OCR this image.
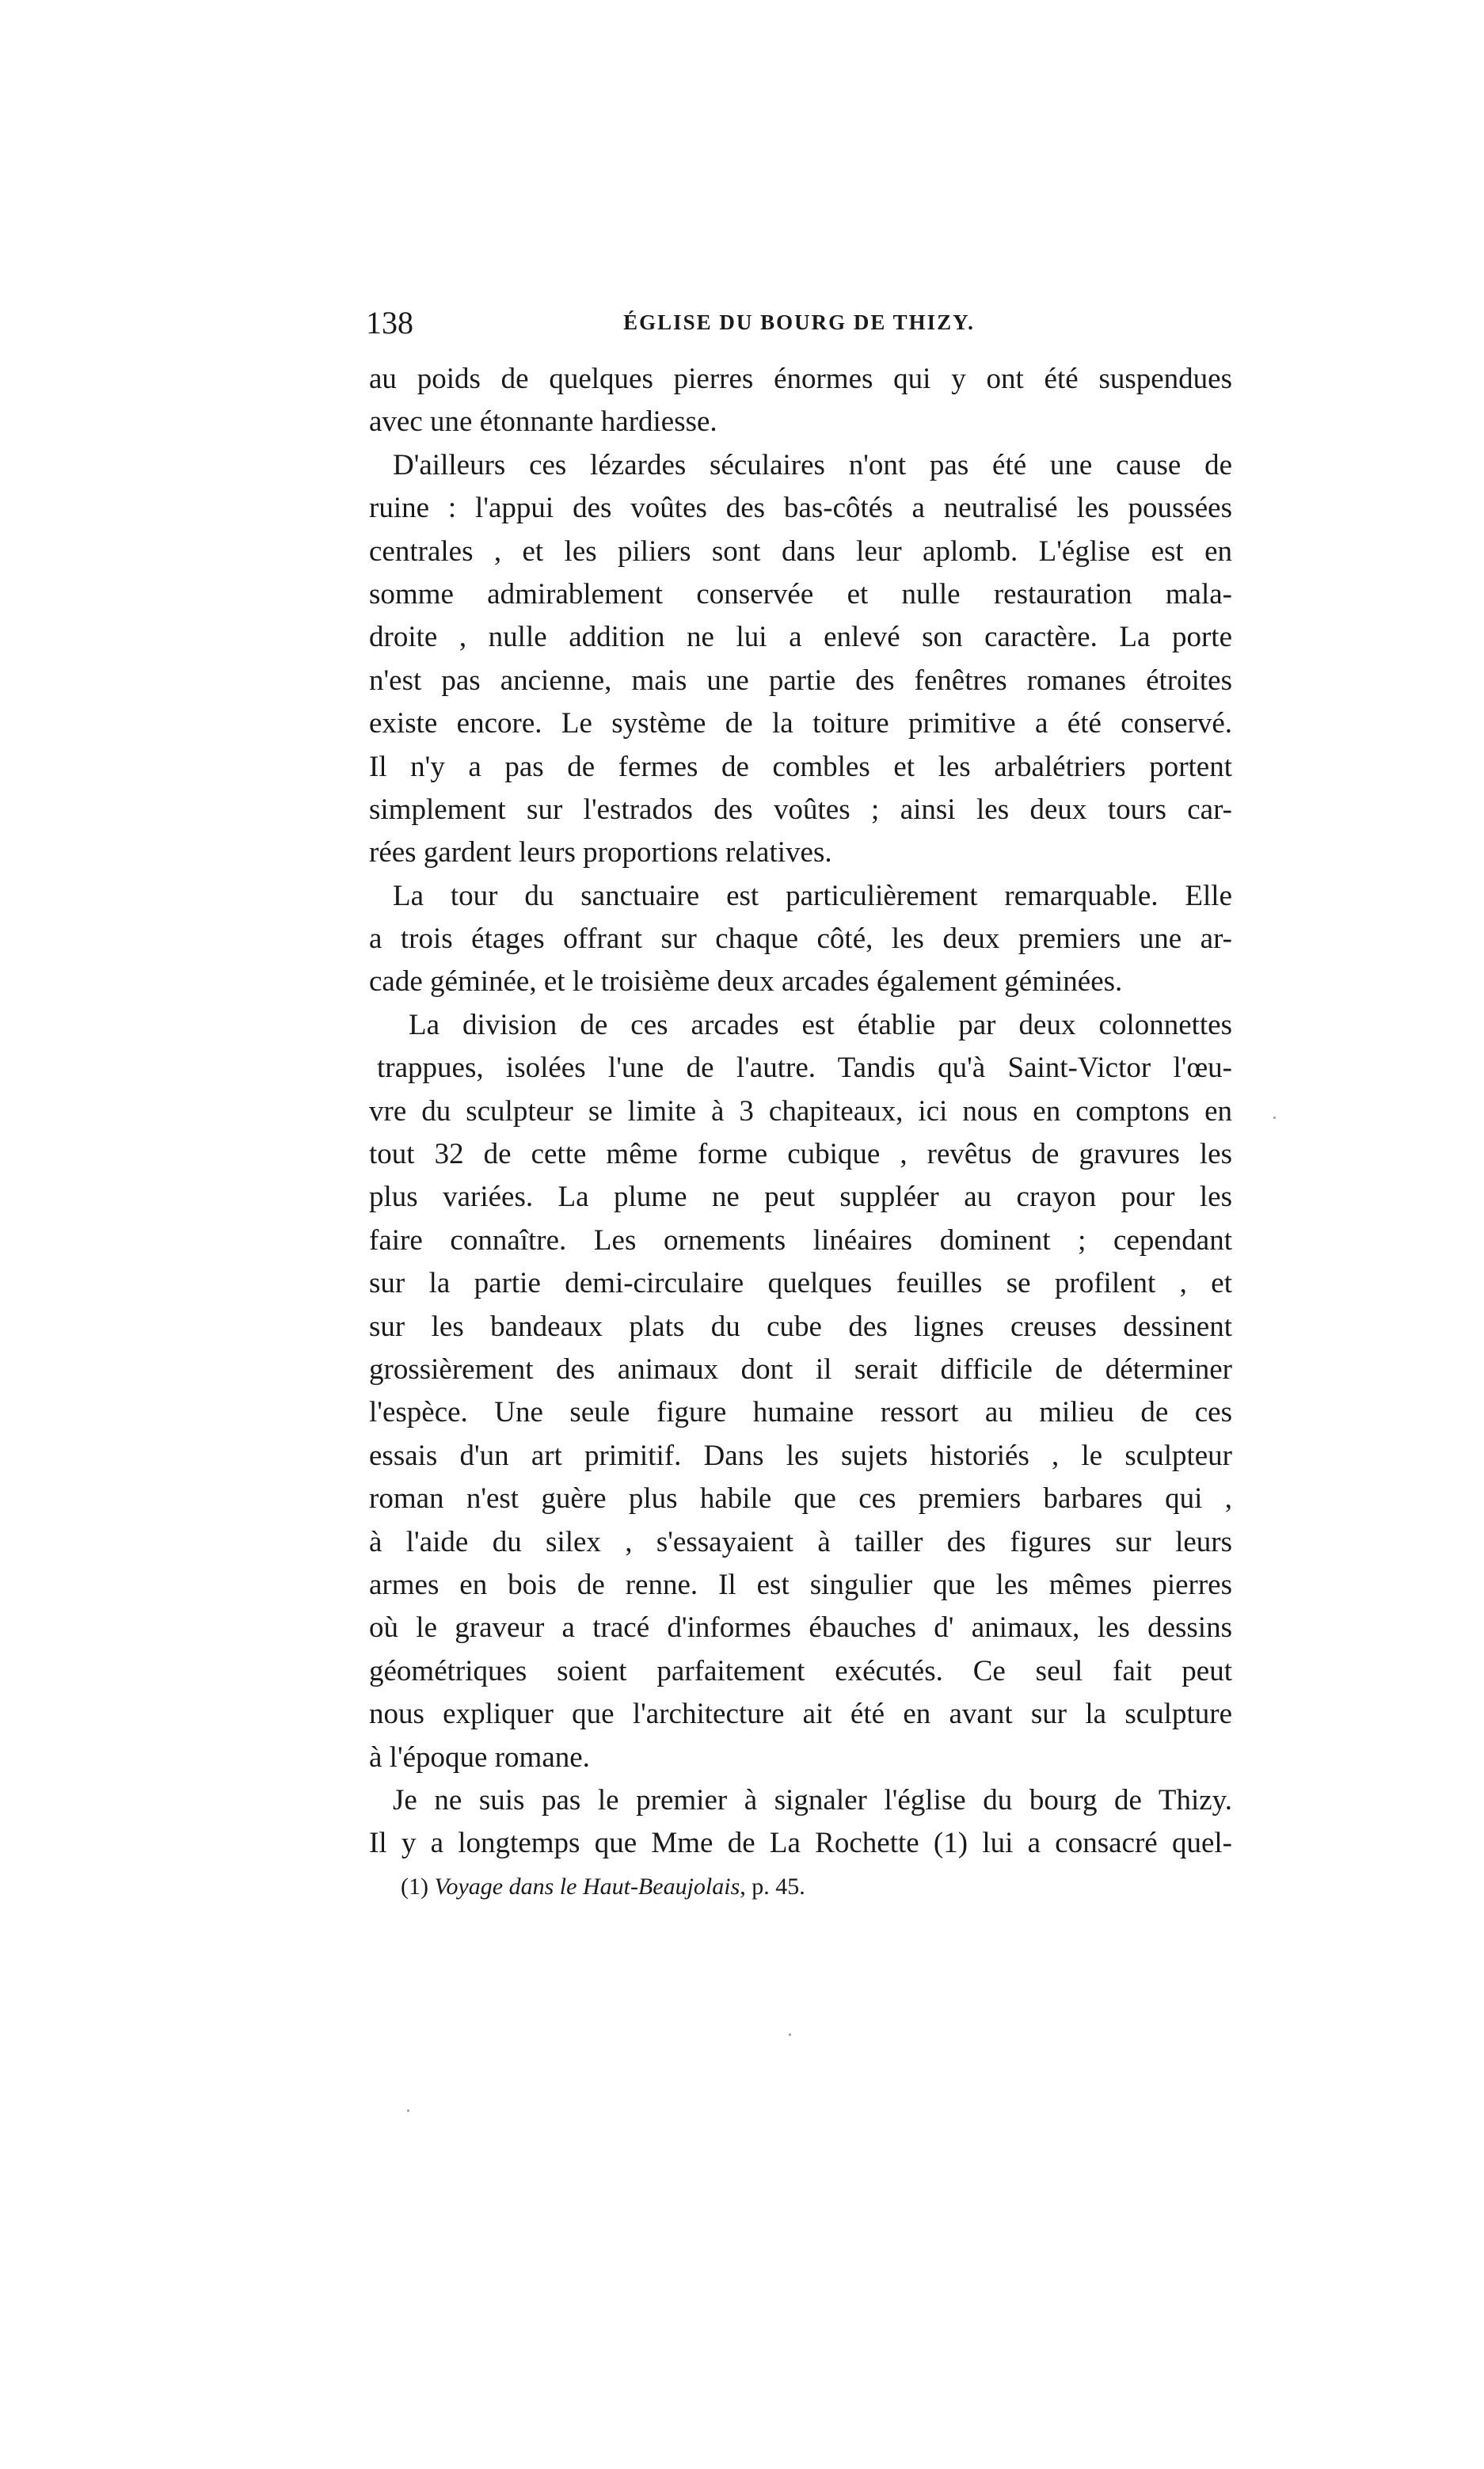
138	ÉGLISE DU BOURG DE THIZY.
au poids de quelques pierres énormes qui y ont été suspendues
avec une étonnante hardiesse.
D'ailleurs ces lézardes séculaires n'ont pas été une cause de
ruine : l'appui des voûtes des bas-côtés a neutralisé les poussées
centrales , et les piliers sont dans leur aplomb. L'église est en
somme admirablement conservée et nulle restauration mala-
droite , nulle addition ne lui a enlevé son caractère. La porte
n'est pas ancienne, mais une partie des fenêtres romanes étroites
existe encore. Le système de la toiture primitive a été conservé.
Il n'y a pas de fermes de combles et les arbalétriers portent
simplement sur l'estrados des voûtes ; ainsi les deux tours car-
rées gardent leurs proportions relatives.
La tour du sanctuaire est particulièrement remarquable. Elle
a trois étages offrant sur chaque côté, les deux premiers une ar-
cade géminée, et le troisième deux arcades également géminées.
La division de ces arcades est établie par deux colonnettes
trappues, isolées l'une de l'autre. Tandis qu'à Saint-Victor l'œu-
vre du sculpteur se limite à 3 chapiteaux, ici nous en comptons en
tout 32 de cette même forme cubique , revêtus de gravures les
plus variées. La plume ne peut suppléer au crayon pour les
faire connaître. Les ornements linéaires dominent ; cependant
sur la partie demi-circulaire quelques feuilles se profilent , et
sur les bandeaux plats du cube des lignes creuses dessinent
grossièrement des animaux dont il serait difficile de déterminer
l'espèce. Une seule figure humaine ressort au milieu de ces
essais d'un art primitif. Dans les sujets historiés , le sculpteur
roman n'est guère plus habile que ces premiers barbares qui ,
à l'aide du silex , s'essayaient à tailler des figures sur leurs
armes en bois de renne. Il est singulier que les mêmes pierres
où le graveur a tracé d'informes ébauches d' animaux, les dessins
géométriques soient parfaitement exécutés. Ce seul fait peut
nous expliquer que l'architecture ait été en avant sur la sculpture
à l'époque romane.
Je ne suis pas le premier à signaler l'église du bourg de Thizy.
Il y a longtemps que Mme de La Rochette (1) lui a consacré quel-
(1) Voyage dans le Haut-Beaujolais, p. 45.
